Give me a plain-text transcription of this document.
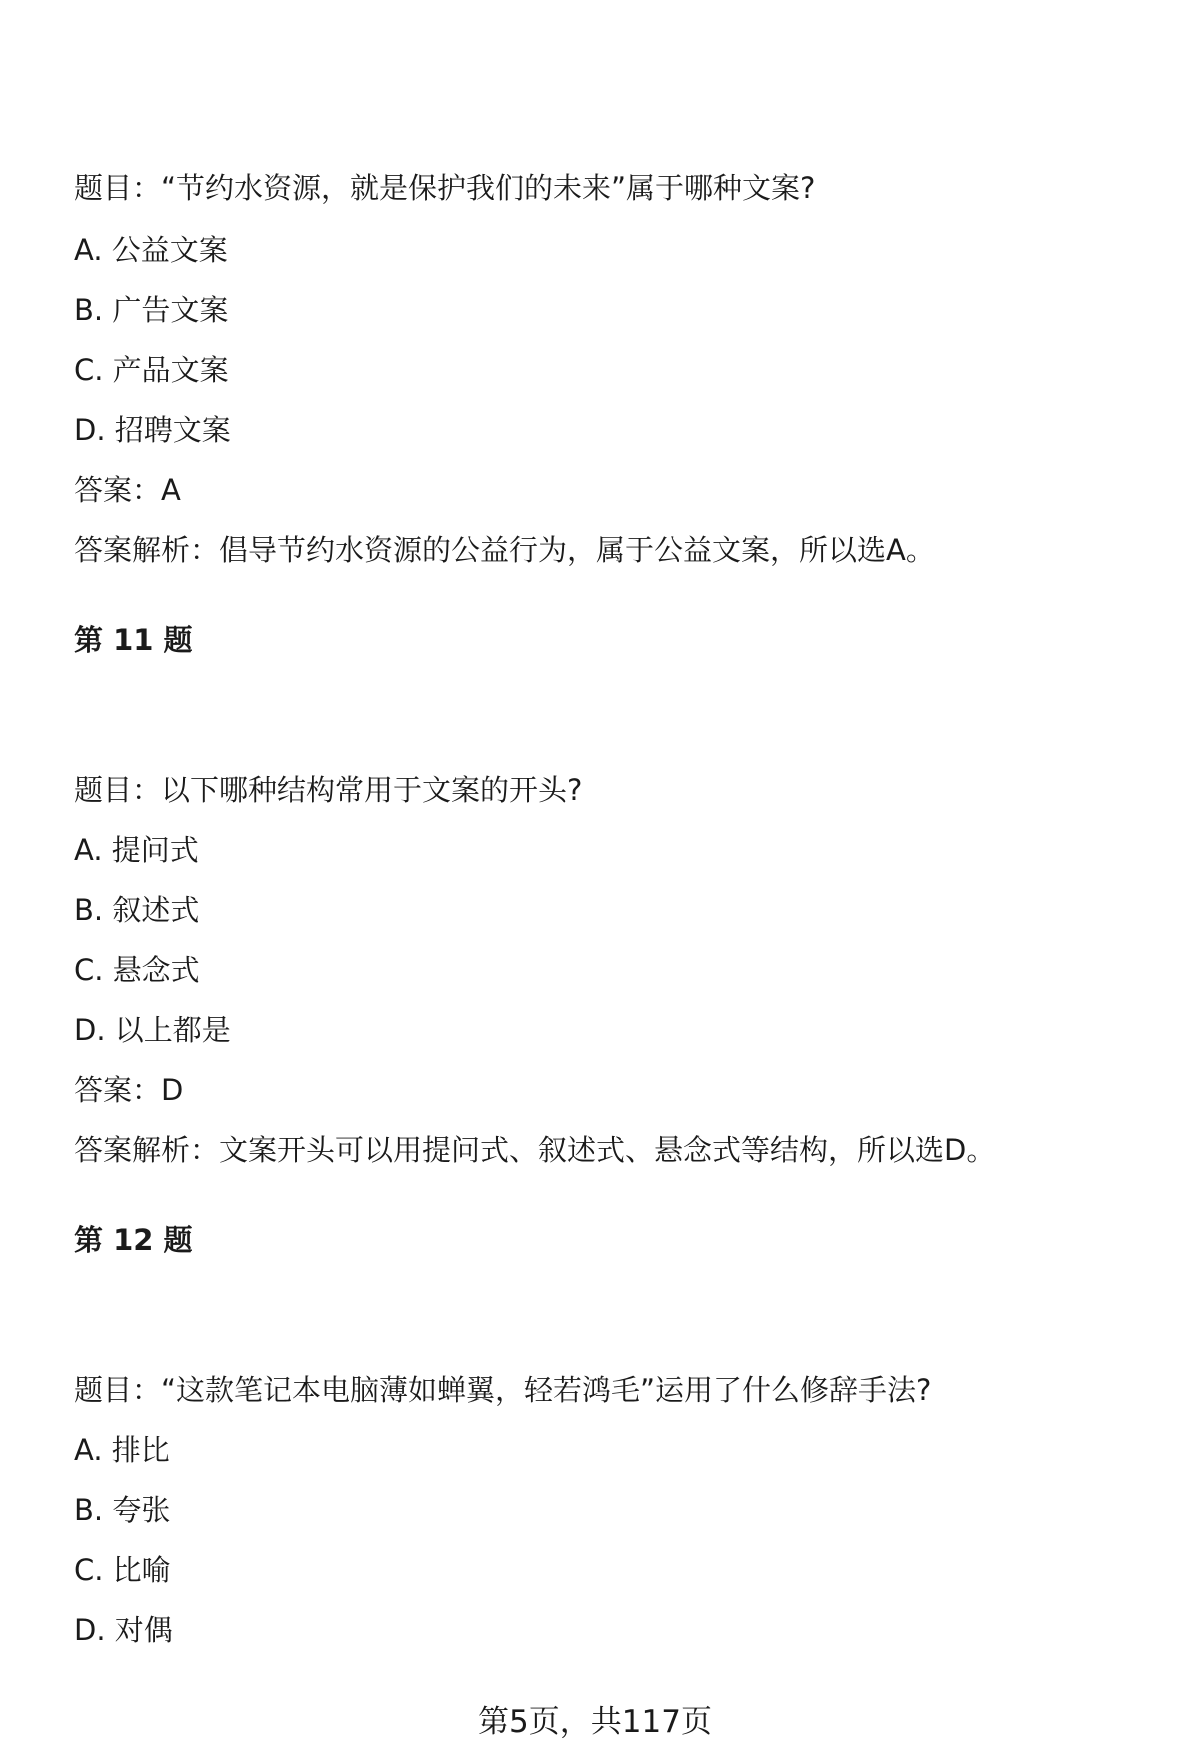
题目：“节约水资源，就是保护我们的未来”属于哪种文案?
A. 公益文案
B. 广告文案
C. 产品文案
D. 招聘文案
答案：A
答案解析：倡导节约水资源的公益行为，属于公益文案，所以选A。
第 11 题
题目：以下哪种结构常用于文案的开头?
A. 提问式
B. 叙述式
C. 悬念式
D. 以上都是
答案：D
答案解析：文案开头可以用提问式、叙述式、悬念式等结构，所以选D。
第 12 题
题目：“这款笔记本电脑薄如蝉翼，轻若鸿毛”运用了什么修辞手法?
A. 排比
B. 夸张
C. 比喻
D. 对偶
第5页，共117页
